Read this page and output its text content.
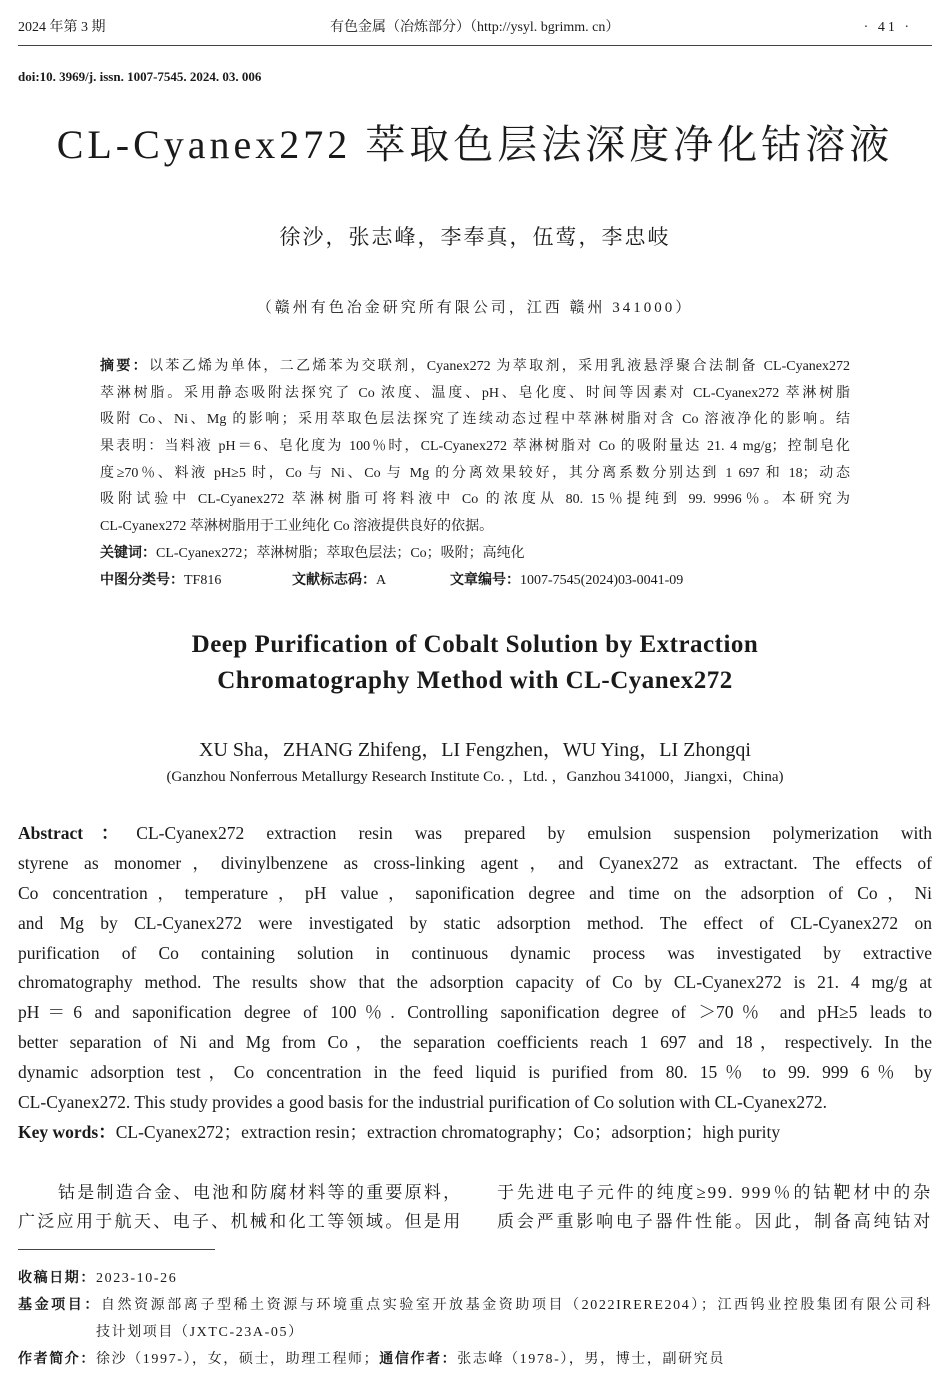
2024 年第 3 期	有色金属（冶炼部分）（http://ysyl. bgrimm. cn）	· 41 ·
doi:10. 3969/j. issn. 1007-7545. 2024. 03. 006
CL-Cyanex272 萃取色层法深度净化钴溶液
徐沙，张志峰，李奉真，伍莺，李忠岐
（赣州有色冶金研究所有限公司，江西 赣州 341000）
摘要：以苯乙烯为单体，二乙烯苯为交联剂，Cyanex272 为萃取剂，采用乳液悬浮聚合法制备 CL-Cyanex272
萃淋树脂。采用静态吸附法探究了 Co 浓度、温度、pH、皂化度、时间等因素对 CL-Cyanex272 萃淋树脂
吸附 Co、Ni、Mg 的影响；采用萃取色层法探究了连续动态过程中萃淋树脂对含 Co 溶液净化的影响。结
果表明：当料液 pH＝6、皂化度为 100％时，CL-Cyanex272 萃淋树脂对 Co 的吸附量达 21. 4 mg/g；控制皂化
度≥70％、料液 pH≥5 时，Co 与 Ni、Co 与 Mg 的分离效果较好，其分离系数分别达到 1 697 和 18；动态
吸附试验中 CL-Cyanex272 萃淋树脂可将料液中 Co 的浓度从 80. 15％提纯到 99. 9996％。本研究为
CL-Cyanex272 萃淋树脂用于工业纯化 Co 溶液提供良好的依据。
关键词：CL-Cyanex272；萃淋树脂；萃取色层法；Co；吸附；高纯化
中图分类号：TF816	文献标志码：A	文章编号：1007-7545(2024)03-0041-09
Deep Purification of Cobalt Solution by Extraction
Chromatography Method with CL-Cyanex272
XU Sha，ZHANG Zhifeng，LI Fengzhen，WU Ying，LI Zhongqi
(Ganzhou Nonferrous Metallurgy Research Institute Co. ，Ltd. ，Ganzhou 341000，Jiangxi，China)
Abstract：CL-Cyanex272 extraction resin was prepared by emulsion suspension polymerization with
styrene as monomer，divinylbenzene as cross-linking agent，and Cyanex272 as extractant. The effects of
Co concentration，temperature，pH value，saponification degree and time on the adsorption of Co，Ni
and Mg by CL-Cyanex272 were investigated by static adsorption method. The effect of CL-Cyanex272 on
purification of Co containing solution in continuous dynamic process was investigated by extractive
chromatography method. The results show that the adsorption capacity of Co by CL-Cyanex272 is 21. 4 mg/g at
pH＝6 and saponification degree of 100％. Controlling saponification degree of ＞70％ and pH≥5 leads to
better separation of Ni and Mg from Co，the separation coefficients reach 1 697 and 18，respectively. In the
dynamic adsorption test，Co concentration in the feed liquid is purified from 80. 15％ to 99. 999 6％ by
CL-Cyanex272. This study provides a good basis for the industrial purification of Co solution with CL-Cyanex272.
Key words：CL-Cyanex272；extraction resin；extraction chromatography；Co；adsorption；high purity
钴是制造合金、电池和防腐材料等的重要原料，
广泛应用于航天、电子、机械和化工等领域。但是用
于先进电子元件的纯度≥99. 999％的钴靶材中的杂
质会严重影响电子器件性能。因此，制备高纯钴对
收稿日期：2023-10-26
基金项目：自然资源部离子型稀土资源与环境重点实验室开放基金资助项目（2022IRERE204）；江西钨业控股集团有限公司科
技计划项目（JXTC-23A-05）
作者简介：徐沙（1997-），女，硕士，助理工程师；通信作者：张志峰（1978-），男，博士，副研究员
